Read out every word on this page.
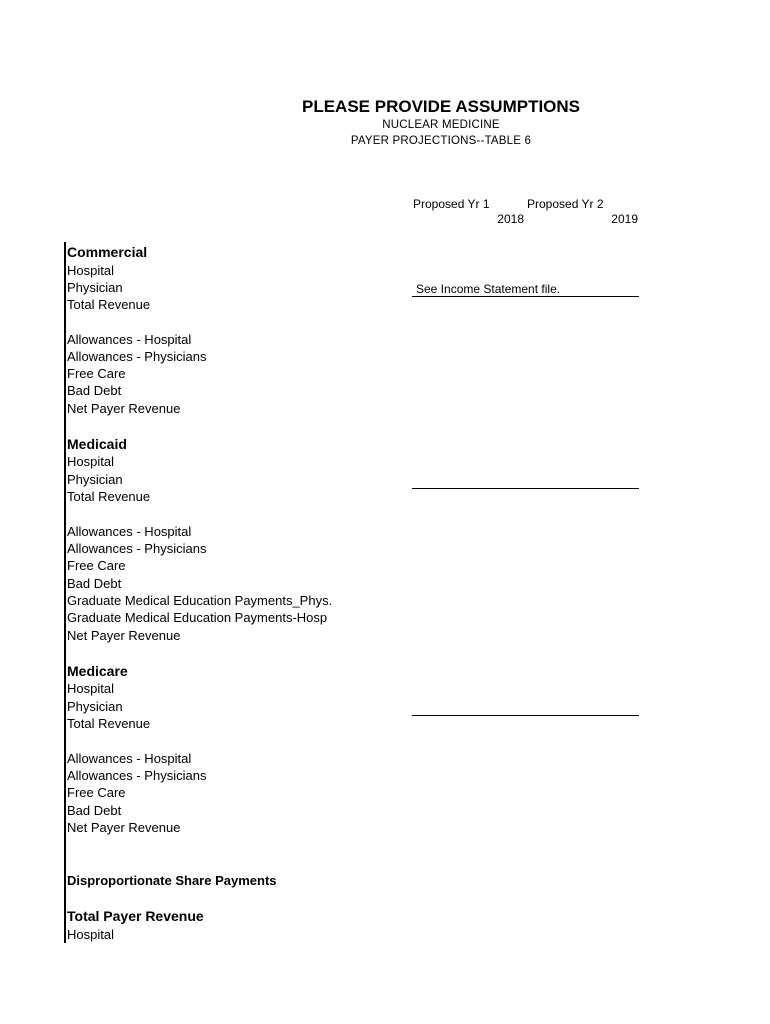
PLEASE PROVIDE ASSUMPTIONS
NUCLEAR MEDICINE
PAYER PROJECTIONS--TABLE 6
Proposed Yr 1	Proposed Yr 2
2018	2019
Commercial
Hospital
Physician	See Income Statement file.
Total Revenue
Allowances - Hospital
Allowances - Physicians
Free Care
Bad Debt
Net Payer Revenue
Medicaid
Hospital
Physician
Total Revenue
Allowances - Hospital
Allowances - Physicians
Free Care
Bad Debt
Graduate Medical Education Payments_Phys.
Graduate Medical Education Payments-Hosp
Net Payer Revenue
Medicare
Hospital
Physician
Total Revenue
Allowances - Hospital
Allowances - Physicians
Free Care
Bad Debt
Net Payer Revenue
Disproportionate Share Payments
Total Payer Revenue
Hospital
